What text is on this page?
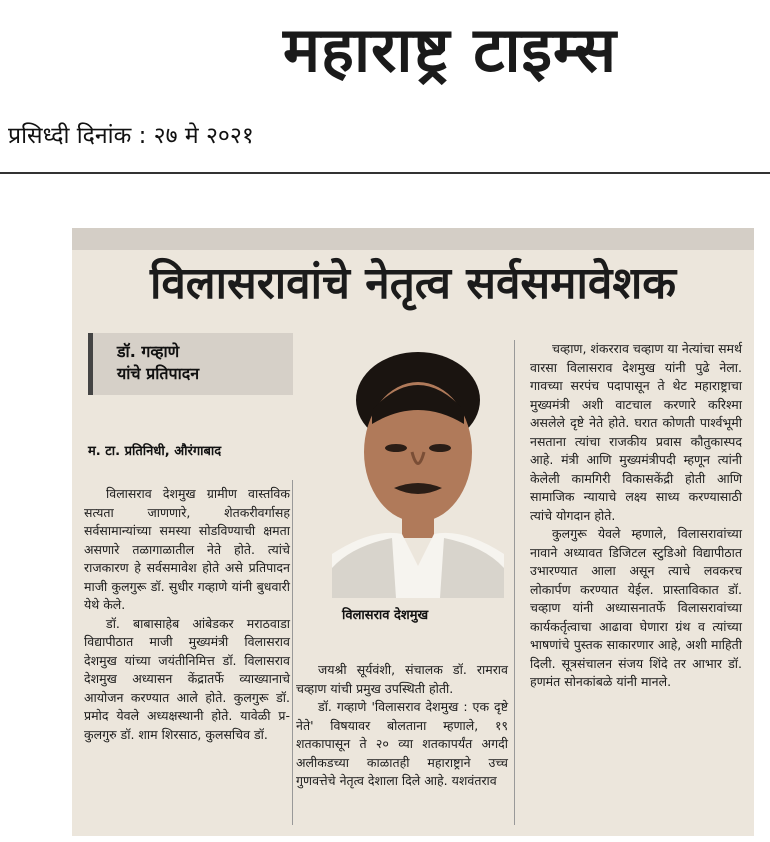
महाराष्ट्र टाइम्स
प्रसिध्दी दिनांक : २७ मे २०२१
विलासरावांचे नेतृत्व सर्वसमावेशक
डॉ. गव्हाणे
यांचे प्रतिपादन
म. टा. प्रतिनिधी, औरंगाबाद

विलासराव देशमुख ग्रामीण वास्तविक सत्यता जाणणारे, शेतकरीवर्गासह सर्वसामान्यांच्या समस्या सोडविण्याची क्षमता असणारे तळागाळातील नेते होते. त्यांचे राजकारण हे सर्वसमावेश होते असे प्रतिपादन माजी कुलगुरू डॉ. सुधीर गव्हाणे यांनी बुधवारी येथे केले.

डॉ. बाबासाहेब आंबेडकर मराठवाडा विद्यापीठात माजी मुख्यमंत्री विलासराव देशमुख यांच्या जयंतीनिमित्त डॉ. विलासराव देशमुख अध्यासन केंद्रातर्फे व्याख्यानाचे आयोजन करण्यात आले होते. कुलगुरू डॉ. प्रमोद येवले अध्यक्षस्थानी होते. यावेळी प्र-कुलगुरु डॉ. शाम शिरसाठ, कुलसचिव डॉ.

विलासराव देशमुख

जयश्री सूर्यवंशी, संचालक डॉ. रामराव चव्हाण यांची प्रमुख उपस्थिती होती.

डॉ. गव्हाणे 'विलासराव देशमुख : एक दृष्टे नेते' विषयावर बोलताना म्हणाले, १९ शतकापासून ते २० व्या शतकापर्यंत अगदी अलीकडच्या काळातही महाराष्ट्राने उच्च गुणवत्तेचे नेतृत्व देशाला दिले आहे. यशवंतराव

चव्हाण, शंकरराव चव्हाण या नेत्यांचा समर्थ वारसा विलासराव देशमुख यांनी पुढे नेला. गावच्या सरपंच पदापासून ते थेट महाराष्ट्राचा मुख्यमंत्री अशी वाटचाल करणारे करिश्मा असलेले दृष्टे नेते होते. घरात कोणती पार्श्वभूमी नसताना त्यांचा राजकीय प्रवास कौतुकास्पद आहे. मंत्री आणि मुख्यमंत्रीपदी म्हणून त्यांनी केलेली कामगिरी विकासकेंद्री होती आणि सामाजिक न्यायाचे लक्ष्य साध्य करण्यासाठी त्यांचे योगदान होते.

कुलगुरू येवले म्हणाले, विलासरावांच्या नावाने अध्यावत डिजिटल स्टुडिओ विद्यापीठात उभारण्यात आला असून त्याचे लवकरच लोकार्पण करण्यात येईल. प्रास्ताविकात डॉ. चव्हाण यांनी अध्यासनातर्फे विलासरावांच्या कार्यकर्तृत्वाचा आढावा घेणारा ग्रंथ व त्यांच्या भाषणांचे पुस्तक साकारणार आहे, अशी माहिती दिली. सूत्रसंचालन संजय शिंदे तर आभार डॉ. हणमंत सोनकांबळे यांनी मानले.
